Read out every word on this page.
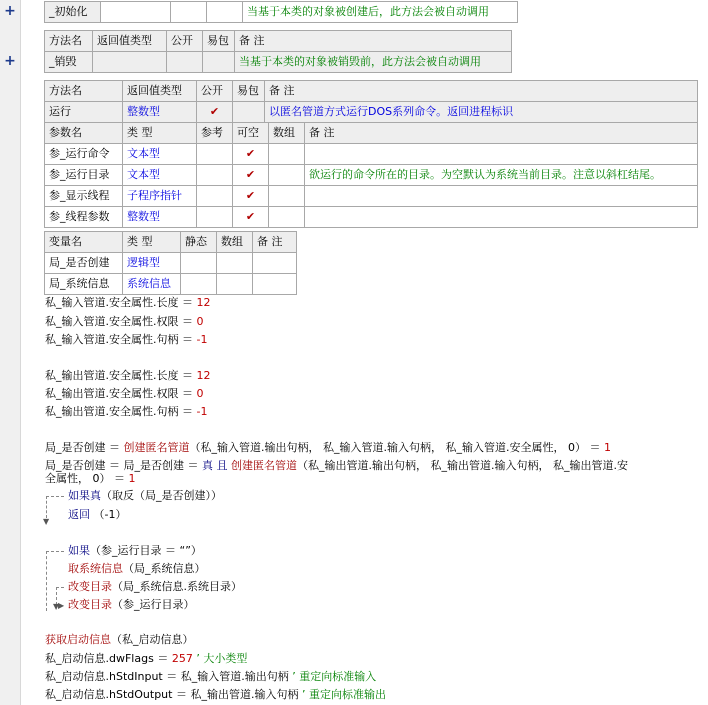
+
+
_初始化				当基于本类的对象被创建后，此方法会被自动调用
方法名	返回值类型	公开	易包	备 注
_销毁				当基于本类的对象被销毁前，此方法会被自动调用
方法名	返回值类型	公开	易包	备 注
运行	整数型	✔		以匿名管道方式运行DOS系列命令。返回进程标识
参数名	类 型	参考	可空	数组	备 注
参_运行命令	文本型		✔		
参_运行目录	文本型		✔		欲运行的命令所在的目录。为空默认为系统当前目录。注意以斜杠结尾。
参_显示线程	子程序指针		✔		
参_线程参数	整数型		✔		
变量名	类 型	静态	数组	备 注
局_是否创建	逻辑型			
局_系统信息	系统信息			
私_输入管道.安全属性.长度 ＝ 12
私_输入管道.安全属性.权限 ＝ 0
私_输入管道.安全属性.句柄 ＝ -1
私_输出管道.安全属性.长度 ＝ 12
私_输出管道.安全属性.权限 ＝ 0
私_输出管道.安全属性.句柄 ＝ -1
局_是否创建 ＝ 创建匿名管道（私_输入管道.输出句柄， 私_输入管道.输入句柄， 私_输入管道.安全属性， 0） ＝ 1
局_是否创建 ＝ 局_是否创建 ＝ 真 且 创建匿名管道（私_输出管道.输出句柄， 私_输出管道.输入句柄， 私_输出管道.安
全属性， 0） ＝ 1
▼
如果真（取反（局_是否创建））
返回 （-1）
▼
▶
如果（参_运行目录 ＝ “”）
取系统信息（局_系统信息）
改变目录（局_系统信息.系统目录）
改变目录（参_运行目录）
获取启动信息（私_启动信息）
私_启动信息.dwFlags ＝ 257 ’ 大小类型
私_启动信息.hStdInput ＝ 私_输入管道.输出句柄 ’ 重定向标准输入
私_启动信息.hStdOutput ＝ 私_输出管道.输入句柄 ’ 重定向标准输出
